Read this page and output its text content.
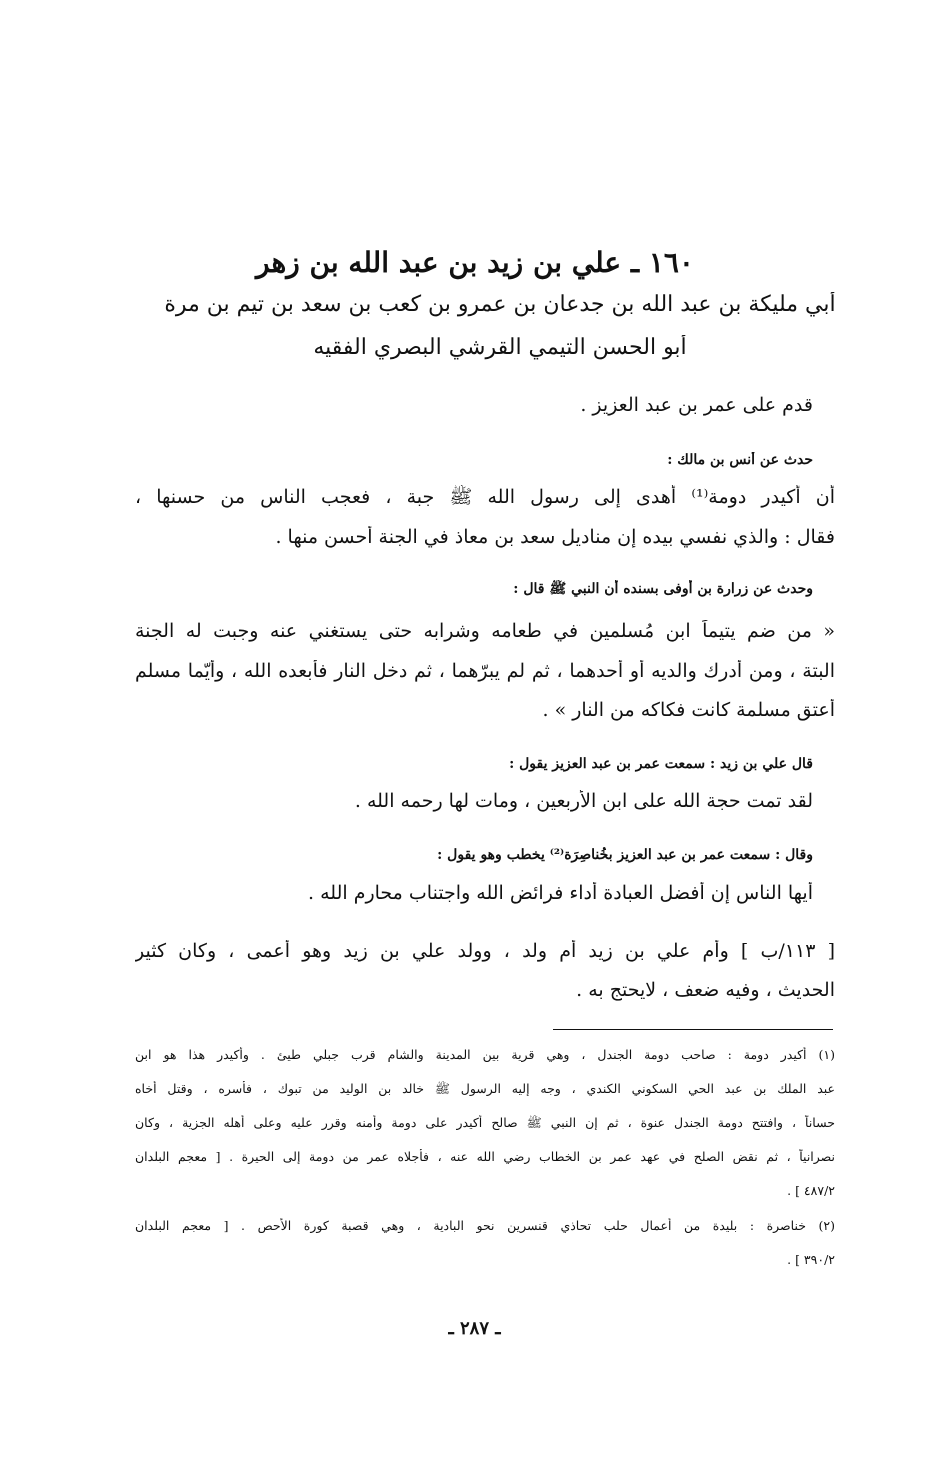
١٦٠ ـ علي بن زيد بن عبد الله بن زهر
أبي مليكة بن عبد الله بن جدعان بن عمرو بن كعب بن سعد بن تيم بن مرة
أبو الحسن التيمي القرشي البصري الفقيه
قدم على عمر بن عبد العزيز .
حدث عن أنس بن مالك :
أن أكيدر دومة⁽¹⁾ أهدى إلى رسول الله ﷺ جبة ، فعجب الناس من حسنها ،
فقال : والذي نفسي بيده إن مناديل سعد بن معاذ في الجنة أحسن منها .
وحدث عن زرارة بن أوفى بسنده أن النبي ﷺ قال :
« من ضم يتيماً ابن مُسلمين في طعامه وشرابه حتى يستغني عنه وجبت له الجنة
البتة ، ومن أدرك والديه أو أحدهما ، ثم لم يبرّهما ، ثم دخل النار فأبعده الله ، وأيّما مسلم
أعتق مسلمة كانت فكاكه من النار » .
قال علي بن زيد : سمعت عمر بن عبد العزيز يقول :
لقد تمت حجة الله على ابن الأربعين ، ومات لها رحمه الله .
وقال : سمعت عمر بن عبد العزيز بخُناصِرَة⁽²⁾ يخطب وهو يقول :
أيها الناس إن أفضل العبادة أداء فرائض الله واجتناب محارم الله .
[ ١١٣/ب ] وأم علي بن زيد أم ولد ، وولد علي بن زيد وهو أعمى ، وكان كثير
الحديث ، وفيه ضعف ، لايحتج به .
(١) أكيدر دومة : صاحب دومة الجندل ، وهي قرية بين المدينة والشام قرب جبلي طيئ . وأكيدر هذا هو ابن
عبد الملك بن عبد الحي السكوني الكندي ، وجه إليه الرسول ﷺ خالد بن الوليد من تبوك ، فأسره ، وقتل أخاه
حساناً ، وافتتح دومة الجندل عنوة ، ثم إن النبي ﷺ صالح أكيدر على دومة وأمنه وقرر عليه وعلى أهله الجزية ، وكان
نصرانياً ، ثم نقض الصلح في عهد عمر بن الخطاب رضي الله عنه ، فأجلاه عمر من دومة إلى الحيرة . [ معجم البلدان
٤٨٧/٢ ] .
(٢) خناصرة : بليدة من أعمال حلب تحاذي قنسرين نحو البادية ، وهي قصبة كورة الأحص . [ معجم البلدان
٣٩٠/٢ ] .
ـ ٢٨٧ ـ
